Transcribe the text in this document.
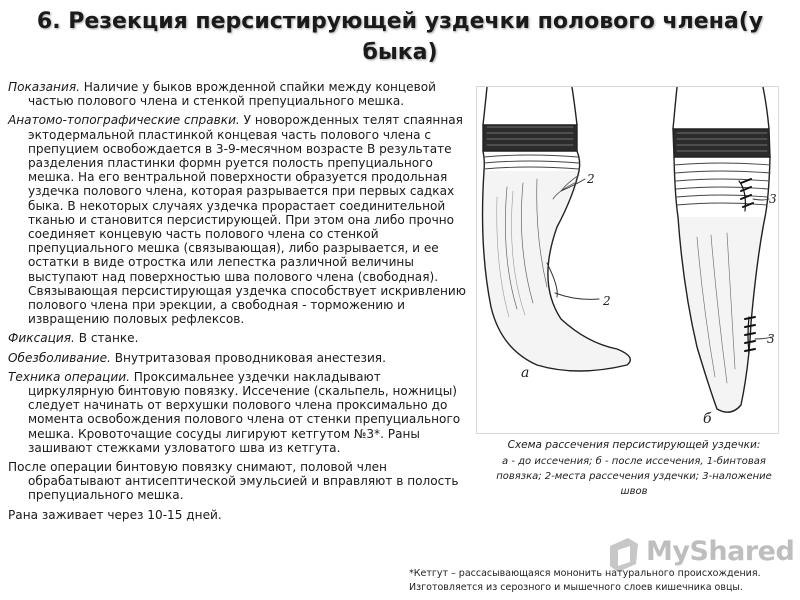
6. Резекция персистирующей уздечки полового члена(у быка)

Показания. Наличие у быков врожденной спайки между концевой частью полового члена и стенкой препуциального мешка.

Анатомо-топографические справки. У новорожденных телят спаянная эктодермальной пластинкой концевая часть полового члена с препуцием освобождается в 3-9-месячном возрасте В результате разделения пластинки формн руется полость препуциального мешка. На его вентральной поверхности образуется продольная уздечка полового члена, которая разрывается при первых садках быка. В некоторых случаях уздечка прорастает соединительной тканью и становится персистирующей. При этом она либо прочно соединяет концевую часть полового члена со стенкой препуциального мешка (связывающая), либо разрывается, и ее остатки в виде отростка или лепестка различной величины выступают над поверхностью шва полового члена (свободная). Связывающая персистирующая уздечка способствует искривлению полового члена при эрекции, а свободная - торможению и извращению половых рефлексов.

Фиксация. В станке.

Обезболивание. Внутритазовая проводниковая анестезия.

Техника операции. Проксимальнее уздечки накладывают циркулярную бинтовую повязку. Иссечение (скальпель, ножницы) следует начинать от верхушки полового члена проксимально до момента освобождения полового члена от стенки препуциального мешка. Кровоточащие сосуды лигируют кетгутом №3*. Раны зашивают стежками узловатого шва из кетгута.

После операции бинтовую повязку снимают, половой член обрабатывают антисептической эмульсией и вправляют в полость препуциального мешка.

Рана заживает через 10-15 дней.

2
2
3
3
а
б
Схема рассечения персистирующей уздечки:
а - до иссечения; б - после иссечения, 1-бинтовая повязка; 2-места рассечения уздечки; 3-наложение швов
MyShared
*Кетгут – рассасывающаяся мононить натурального происхождения. Изготовляется из серозного и мышечного слоев кишечника овцы.
